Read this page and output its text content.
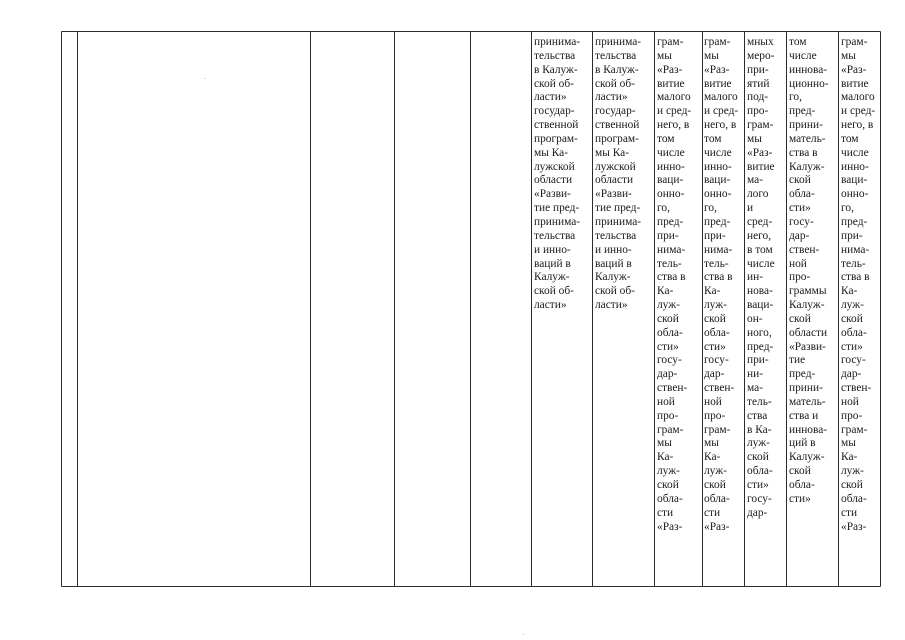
принима-
тельства
в Калуж-
ской об-
ласти»
государ-
ственной
програм-
мы Ка-
лужской
области
«Разви-
тие пред-
принима-
тельства
и инно-
ваций в
Калуж-
ской об-
ласти»
принима-
тельства
в Калуж-
ской об-
ласти»
государ-
ственной
програм-
мы Ка-
лужской
области
«Разви-
тие пред-
принима-
тельства
и инно-
ваций в
Калуж-
ской об-
ласти»
грам-
мы
«Раз-
витие
малого
и сред-
него, в
том
числе
инно-
ваци-
онно-
го,
пред-
при-
нима-
тель-
ства в
Ка-
луж-
ской
обла-
сти»
госу-
дар-
ствен-
ной
про-
грам-
мы
Ка-
луж-
ской
обла-
сти
«Раз-
грам-
мы
«Раз-
витие
малого
и сред-
него, в
том
числе
инно-
ваци-
онно-
го,
пред-
при-
нима-
тель-
ства в
Ка-
луж-
ской
обла-
сти»
госу-
дар-
ствен-
ной
про-
грам-
мы
Ка-
луж-
ской
обла-
сти
«Раз-
мных
меро-
при-
ятий
под-
про-
грам-
мы
«Раз-
витие
ма-
лого
и
сред-
него,
в том
числе
ин-
нова-
ваци-
он-
ного,
пред-
при-
ни-
ма-
тель-
ства
в Ка-
луж-
ской
обла-
сти»
госу-
дар-
том
числе
иннова-
ционно-
го,
пред-
прини-
матель-
ства в
Калуж-
ской
обла-
сти»
госу-
дар-
ствен-
ной
про-
граммы
Калуж-
ской
области
«Разви-
тие
пред-
прини-
матель-
ства и
иннова-
ций в
Калуж-
ской
обла-
сти»
грам-
мы
«Раз-
витие
малого
и сред-
него, в
том
числе
инно-
ваци-
онно-
го,
пред-
при-
нима-
тель-
ства в
Ка-
луж-
ской
обла-
сти»
госу-
дар-
ствен-
ной
про-
грам-
мы
Ка-
луж-
ской
обла-
сти
«Раз-
